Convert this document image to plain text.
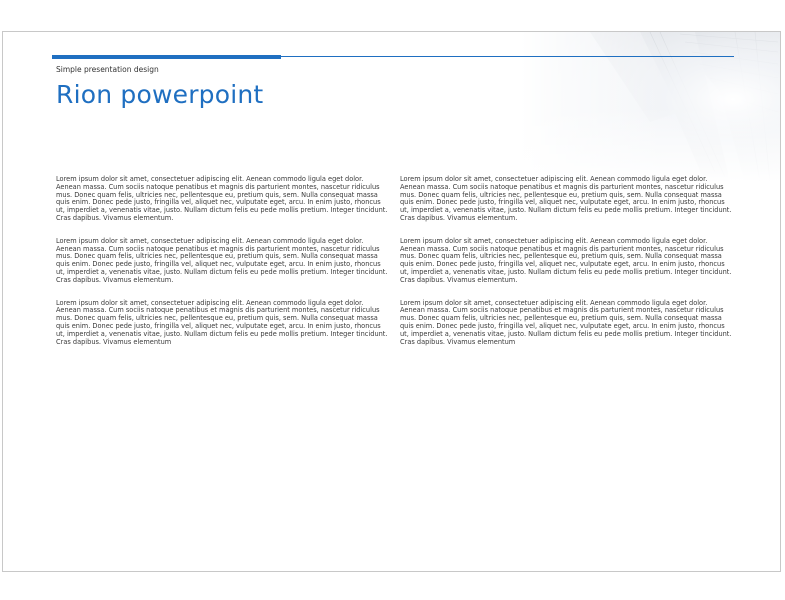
Simple presentation design
Rion powerpoint

Lorem ipsum dolor sit amet, consectetuer adipiscing elit. Aenean commodo ligula eget dolor. Aenean massa. Cum sociis natoque penatibus et magnis dis parturient montes, nascetur ridiculus mus. Donec quam felis, ultricies nec, pellentesque eu, pretium quis, sem. Nulla consequat massa quis enim. Donec pede justo, fringilla vel, aliquet nec, vulputate eget, arcu. In enim justo, rhoncus ut, imperdiet a, venenatis vitae, justo. Nullam dictum felis eu pede mollis pretium. Integer tincidunt. Cras dapibus. Vivamus elementum.

Lorem ipsum dolor sit amet, consectetuer adipiscing elit. Aenean commodo ligula eget dolor. Aenean massa. Cum sociis natoque penatibus et magnis dis parturient montes, nascetur ridiculus mus. Donec quam felis, ultricies nec, pellentesque eu, pretium quis, sem. Nulla consequat massa quis enim. Donec pede justo, fringilla vel, aliquet nec, vulputate eget, arcu. In enim justo, rhoncus ut, imperdiet a, venenatis vitae, justo. Nullam dictum felis eu pede mollis pretium. Integer tincidunt. Cras dapibus. Vivamus elementum.

Lorem ipsum dolor sit amet, consectetuer adipiscing elit. Aenean commodo ligula eget dolor. Aenean massa. Cum sociis natoque penatibus et magnis dis parturient montes, nascetur ridiculus mus. Donec quam felis, ultricies nec, pellentesque eu, pretium quis, sem. Nulla consequat massa quis enim. Donec pede justo, fringilla vel, aliquet nec, vulputate eget, arcu. In enim justo, rhoncus ut, imperdiet a, venenatis vitae, justo. Nullam dictum felis eu pede mollis pretium. Integer tincidunt. Cras dapibus. Vivamus elementum

Lorem ipsum dolor sit amet, consectetuer adipiscing elit. Aenean commodo ligula eget dolor. Aenean massa. Cum sociis natoque penatibus et magnis dis parturient montes, nascetur ridiculus mus. Donec quam felis, ultricies nec, pellentesque eu, pretium quis, sem. Nulla consequat massa quis enim. Donec pede justo, fringilla vel, aliquet nec, vulputate eget, arcu. In enim justo, rhoncus ut, imperdiet a, venenatis vitae, justo. Nullam dictum felis eu pede mollis pretium. Integer tincidunt. Cras dapibus. Vivamus elementum.

Lorem ipsum dolor sit amet, consectetuer adipiscing elit. Aenean commodo ligula eget dolor. Aenean massa. Cum sociis natoque penatibus et magnis dis parturient montes, nascetur ridiculus mus. Donec quam felis, ultricies nec, pellentesque eu, pretium quis, sem. Nulla consequat massa quis enim. Donec pede justo, fringilla vel, aliquet nec, vulputate eget, arcu. In enim justo, rhoncus ut, imperdiet a, venenatis vitae, justo. Nullam dictum felis eu pede mollis pretium. Integer tincidunt. Cras dapibus. Vivamus elementum.

Lorem ipsum dolor sit amet, consectetuer adipiscing elit. Aenean commodo ligula eget dolor. Aenean massa. Cum sociis natoque penatibus et magnis dis parturient montes, nascetur ridiculus mus. Donec quam felis, ultricies nec, pellentesque eu, pretium quis, sem. Nulla consequat massa quis enim. Donec pede justo, fringilla vel, aliquet nec, vulputate eget, arcu. In enim justo, rhoncus ut, imperdiet a, venenatis vitae, justo. Nullam dictum felis eu pede mollis pretium. Integer tincidunt. Cras dapibus. Vivamus elementum
